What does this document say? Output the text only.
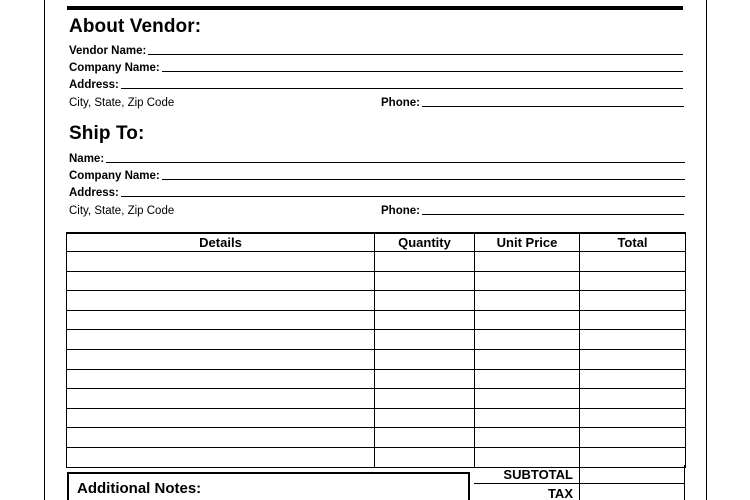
About Vendor:
Vendor Name:
Company Name:
Address:
City, State, Zip Code	Phone:
Ship To:
Name:
Company Name:
Address:
City, State, Zip Code	Phone:
Details	Quantity	Unit Price	Total

Additional Notes:
SUBTOTAL
TAX
